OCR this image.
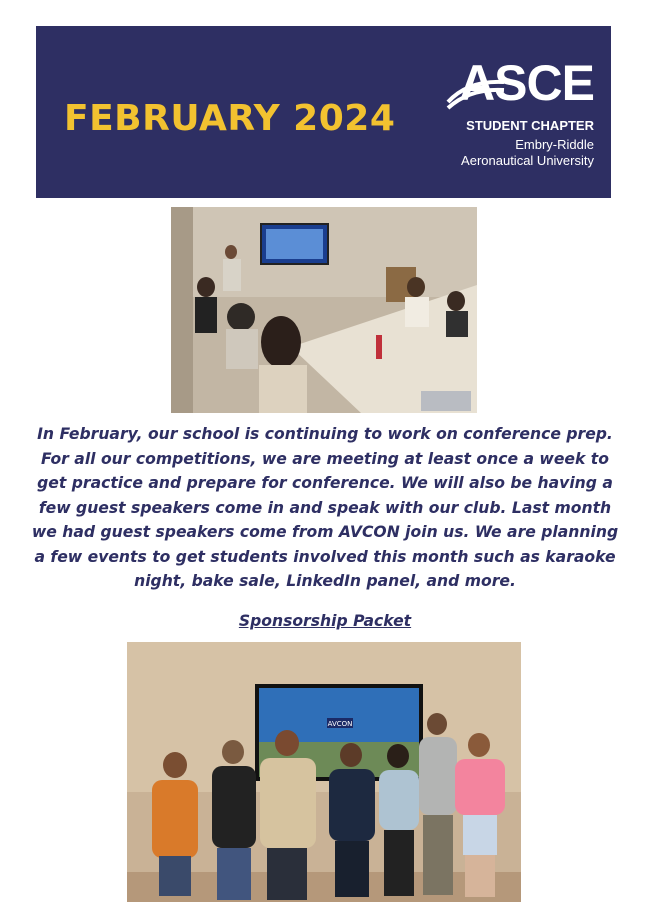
FEBRUARY 2024
ASCE
STUDENT CHAPTER
Embry-Riddle
Aeronautical University

In February, our school is continuing to work on conference prep. For all our competitions, we are meeting at least once a week to get practice and prepare for conference. We will also be having a few guest speakers come in and speak with our club. Last month we had guest speakers come from AVCON join us. We are planning a few events to get students involved this month such as karaoke night, bake sale, LinkedIn panel, and more.

Sponsorship Packet
AVCON
